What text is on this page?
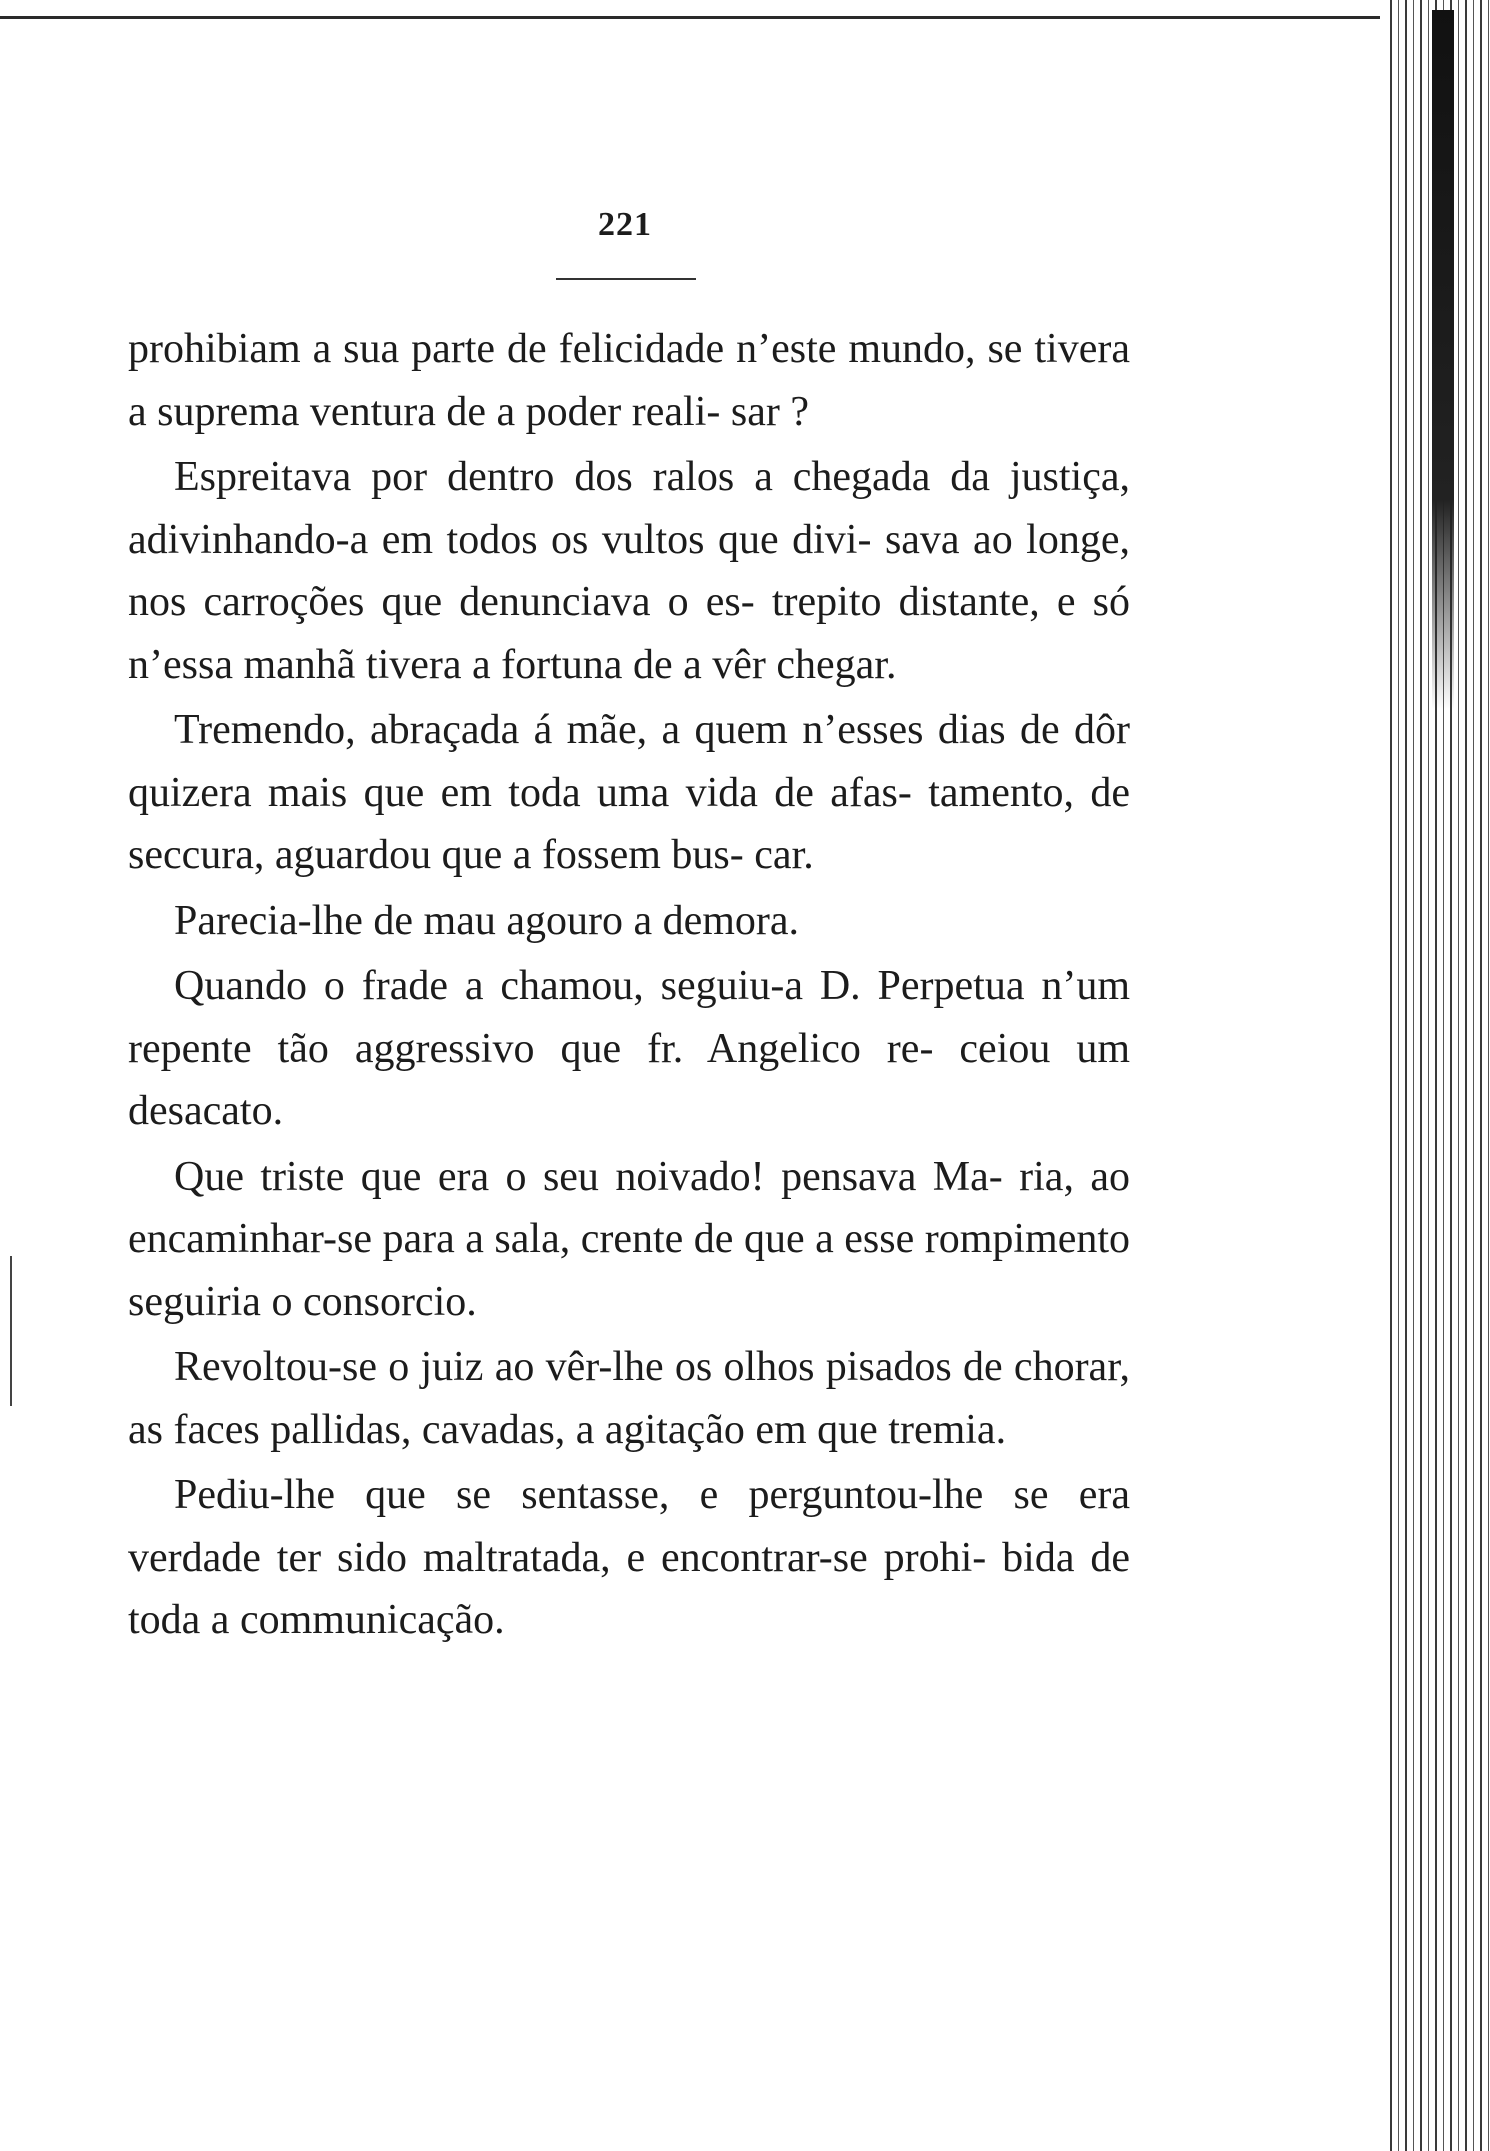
221

prohibiam a sua parte de felicidade n’este mundo, se tivera a suprema ventura de a poder reali- sar ?

Espreitava por dentro dos ralos a chegada da justiça, adivinhando-a em todos os vultos que divi- sava ao longe, nos carroções que denunciava o es- trepito distante, e só n’essa manhã tivera a fortuna de a vêr chegar.

Tremendo, abraçada á mãe, a quem n’esses dias de dôr quizera mais que em toda uma vida de afas- tamento, de seccura, aguardou que a fossem bus- car.

Parecia-lhe de mau agouro a demora.

Quando o frade a chamou, seguiu-a D. Perpetua n’um repente tão aggressivo que fr. Angelico re- ceiou um desacato.

Que triste que era o seu noivado! pensava Ma- ria, ao encaminhar-se para a sala, crente de que a esse rompimento seguiria o consorcio.

Revoltou-se o juiz ao vêr-lhe os olhos pisados de chorar, as faces pallidas, cavadas, a agitação em que tremia.

Pediu-lhe que se sentasse, e perguntou-lhe se era verdade ter sido maltratada, e encontrar-se prohi- bida de toda a communicação.
